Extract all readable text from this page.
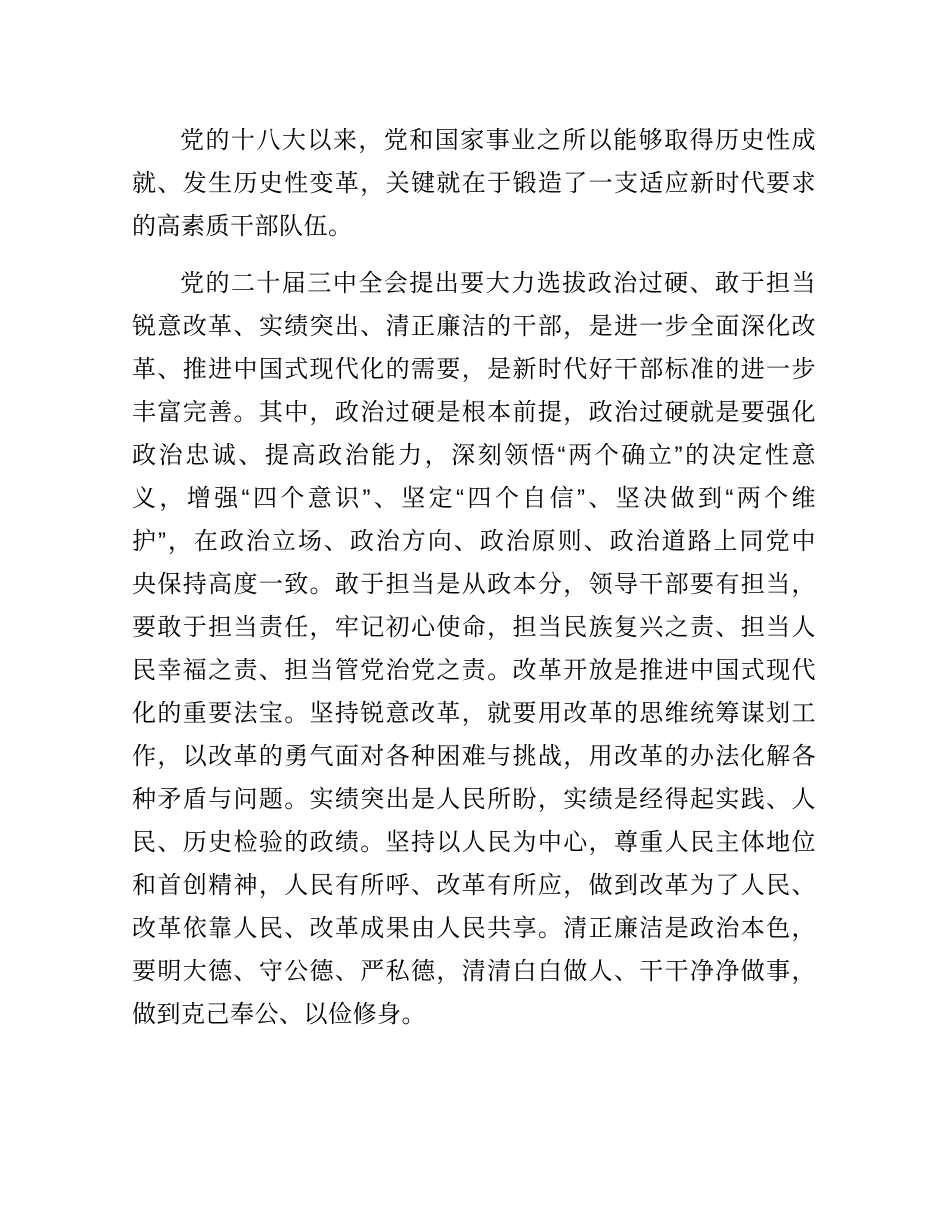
党的十八大以来，党和国家事业之所以能够取得历史性成
就、发生历史性变革，关键就在于锻造了一支适应新时代要求
的高素质干部队伍。
党的二十届三中全会提出要大力选拔政治过硬、敢于担当
锐意改革、实绩突出、清正廉洁的干部，是进一步全面深化改
革、推进中国式现代化的需要，是新时代好干部标准的进一步
丰富完善。其中，政治过硬是根本前提，政治过硬就是要强化
政治忠诚、提高政治能力，深刻领悟“两个确立”的决定性意
义，增强“四个意识”、坚定“四个自信”、坚决做到“两个维
护”，在政治立场、政治方向、政治原则、政治道路上同党中
央保持高度一致。敢于担当是从政本分，领导干部要有担当，
要敢于担当责任，牢记初心使命，担当民族复兴之责、担当人
民幸福之责、担当管党治党之责。改革开放是推进中国式现代
化的重要法宝。坚持锐意改革，就要用改革的思维统筹谋划工
作，以改革的勇气面对各种困难与挑战，用改革的办法化解各
种矛盾与问题。实绩突出是人民所盼，实绩是经得起实践、人
民、历史检验的政绩。坚持以人民为中心，尊重人民主体地位
和首创精神，人民有所呼、改革有所应，做到改革为了人民、
改革依靠人民、改革成果由人民共享。清正廉洁是政治本色，
要明大德、守公德、严私德，清清白白做人、干干净净做事，
做到克己奉公、以俭修身。
